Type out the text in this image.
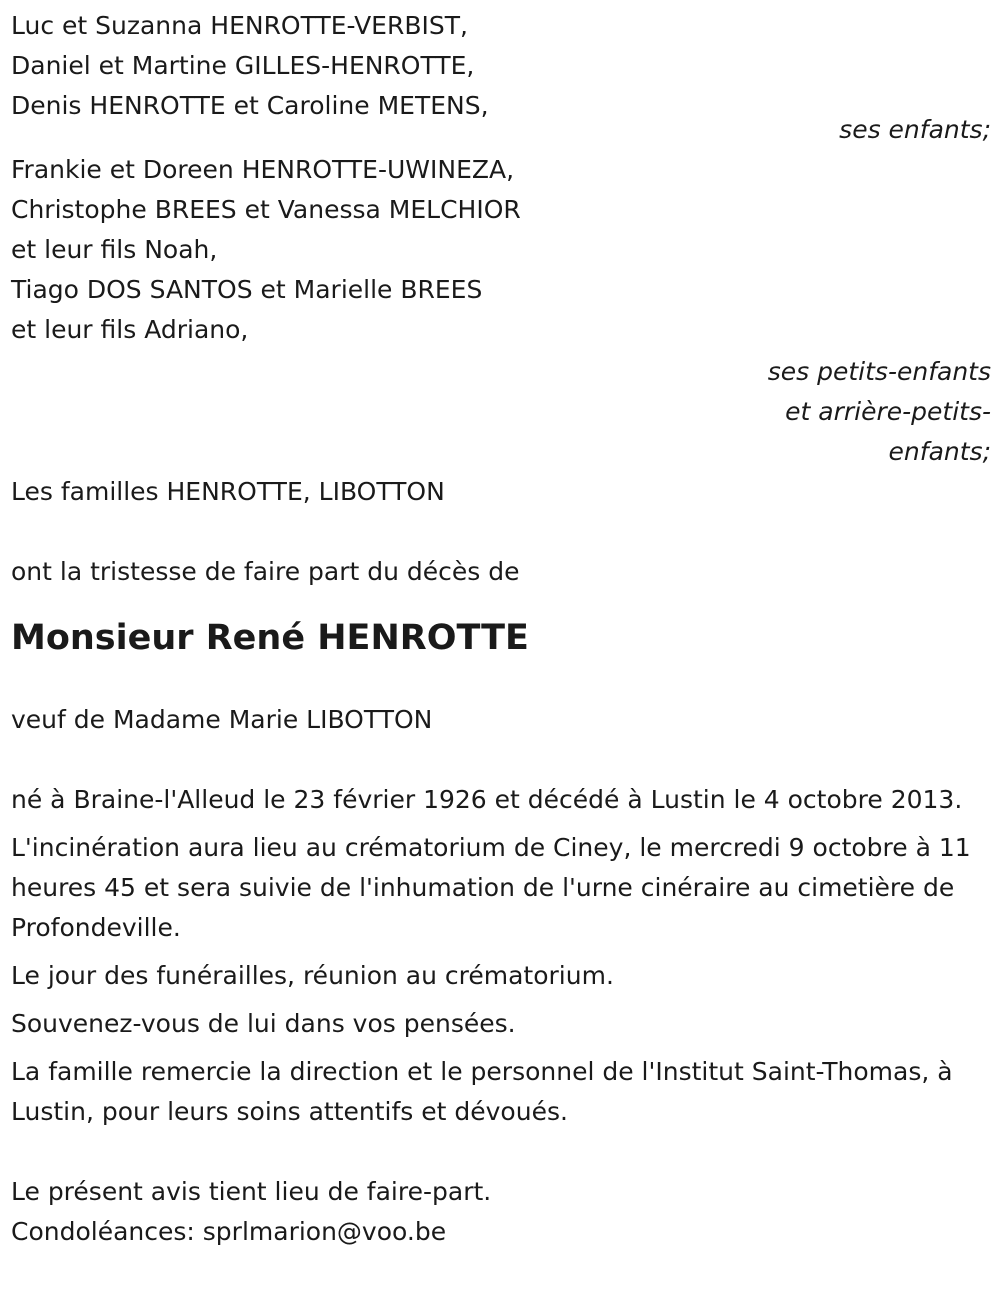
Luc et Suzanna HENROTTE-VERBIST,
Daniel et Martine GILLES-HENROTTE,
Denis HENROTTE et Caroline METENS,
ses enfants;
Frankie et Doreen HENROTTE-UWINEZA,
Christophe BREES et Vanessa MELCHIOR
et leur fils Noah,
Tiago DOS SANTOS et Marielle BREES
et leur fils Adriano,
ses petits-enfants
et arrière-petits-
enfants;
Les familles HENROTTE, LIBOTTON
ont la tristesse de faire part du décès de
Monsieur René HENROTTE
veuf de Madame Marie LIBOTTON
né à Braine-l'Alleud le 23 février 1926 et décédé à Lustin le 4 octobre 2013.
L'incinération aura lieu au crématorium de Ciney, le mercredi 9 octobre à 11 heures 45 et sera suivie de l'inhumation de l'urne cinéraire au cimetière de Profondeville.
Le jour des funérailles, réunion au crématorium.
Souvenez-vous de lui dans vos pensées.
La famille remercie la direction et le personnel de l'Institut Saint-Thomas, à Lustin, pour leurs soins attentifs et dévoués.
Le présent avis tient lieu de faire-part.
Condoléances: sprlmarion@voo.be
